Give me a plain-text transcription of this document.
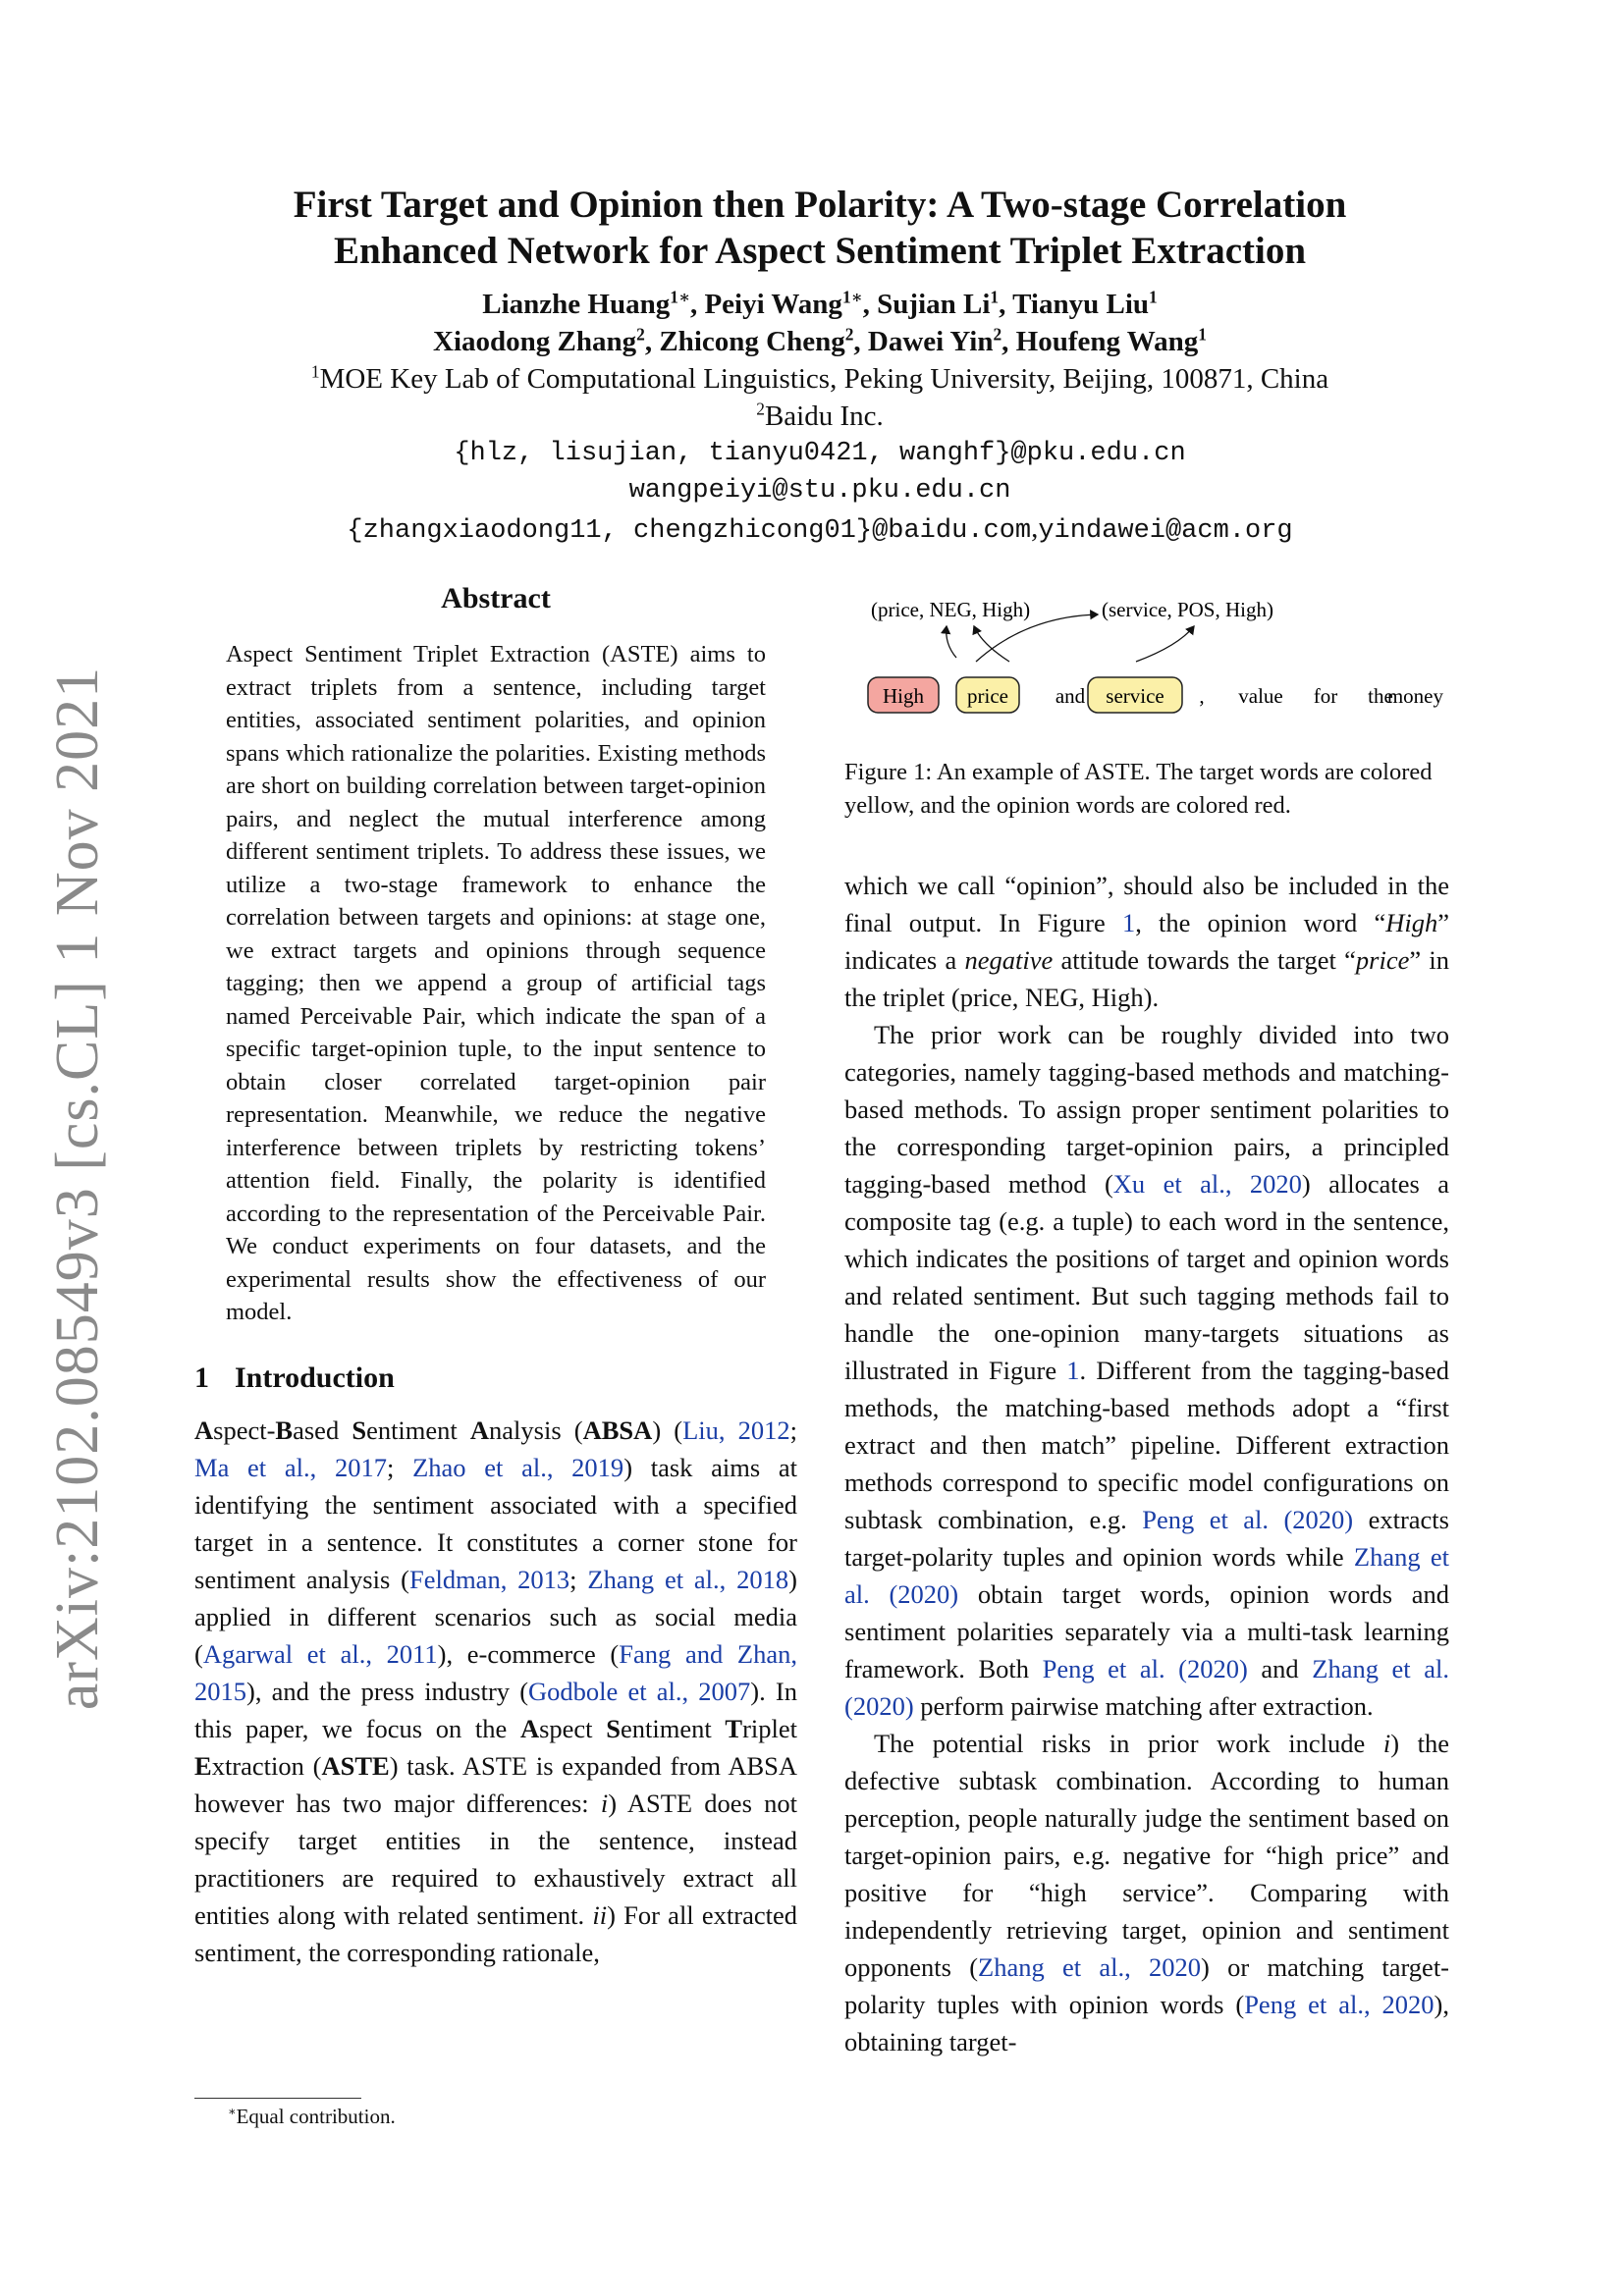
arXiv:2102.08549v3 [cs.CL] 1 Nov 2021
First Target and Opinion then Polarity: A Two-stage Correlation
Enhanced Network for Aspect Sentiment Triplet Extraction
Lianzhe Huang$^{1∗}$, Peiyi Wang$^{1∗}$, Sujian Li$^1$, Tianyu Liu$^1$
Xiaodong Zhang$^2$, Zhicong Cheng$^2$, Dawei Yin$^2$, Houfeng Wang$^1$
$^1$MOE Key Lab of Computational Linguistics, Peking University, Beijing, 100871, China
$^2$Baidu Inc.
{hlz, lisujian, tianyu0421, wanghf}@pku.edu.cn
wangpeiyi@stu.pku.edu.cn
{zhangxiaodong11, chengzhicong01}@baidu.com,yindawei@acm.org
Abstract
Aspect Sentiment Triplet Extraction (ASTE) aims to extract triplets from a sentence, including target entities, associated sentiment polarities, and opinion spans which rationalize the polarities. Existing methods are short on building correlation between target-opinion pairs, and neglect the mutual interference among different sentiment triplets. To address these issues, we utilize a two-stage framework to enhance the correlation between targets and opinions: at stage one, we extract targets and opinions through sequence tagging; then we append a group of artificial tags named Perceivable Pair, which indicate the span of a specific target-opinion tuple, to the input sentence to obtain closer correlated target-opinion pair representation. Meanwhile, we reduce the negative interference between triplets by restricting tokens’ attention field. Finally, the polarity is identified according to the representation of the Perceivable Pair. We conduct experiments on four datasets, and the experimental results show the effectiveness of our model.
1 Introduction

Aspect-Based Sentiment Analysis (ABSA) (Liu, 2012; Ma et al., 2017; Zhao et al., 2019) task aims at identifying the sentiment associated with a specified target in a sentence. It constitutes a corner stone for sentiment analysis (Feldman, 2013; Zhang et al., 2018) applied in different scenarios such as social media (Agarwal et al., 2011), e-commerce (Fang and Zhan, 2015), and the press industry (Godbole et al., 2007). In this paper, we focus on the Aspect Sentiment Triplet Extraction (ASTE) task. ASTE is expanded from ABSA however has two major differences: i) ASTE does not specify target entities in the sentence, instead practitioners are required to exhaustively extract all entities along with related sentiment. ii) For all extracted sentiment, the corresponding rationale,

(price, NEG, High)	(service, POS, High)
High price and service , value for the
money
Figure 1: An example of ASTE. The target words are colored yellow, and the opinion words are colored red.

which we call “opinion”, should also be included in the final output. In Figure 1, the opinion word “High” indicates a negative attitude towards the target “price” in the triplet (price, NEG, High).

The prior work can be roughly divided into two categories, namely tagging-based methods and matching-based methods. To assign proper sentiment polarities to the corresponding target-opinion pairs, a principled tagging-based method (Xu et al., 2020) allocates a composite tag (e.g. a tuple) to each word in the sentence, which indicates the positions of target and opinion words and related sentiment. But such tagging methods fail to handle the one-opinion many-targets situations as illustrated in Figure 1. Different from the tagging-based methods, the matching-based methods adopt a “first extract and then match” pipeline. Different extraction methods correspond to specific model configurations on subtask combination, e.g. Peng et al. (2020) extracts target-polarity tuples and opinion words while Zhang et al. (2020) obtain target words, opinion words and sentiment polarities separately via a multi-task learning framework. Both Peng et al. (2020) and Zhang et al. (2020) perform pairwise matching after extraction.

The potential risks in prior work include i) the defective subtask combination. According to human perception, people naturally judge the sentiment based on target-opinion pairs, e.g. negative for “high price” and positive for “high service”. Comparing with independently retrieving target, opinion and sentiment opponents (Zhang et al., 2020) or matching target-polarity tuples with opinion words (Peng et al., 2020), obtaining target-

∗Equal contribution.
